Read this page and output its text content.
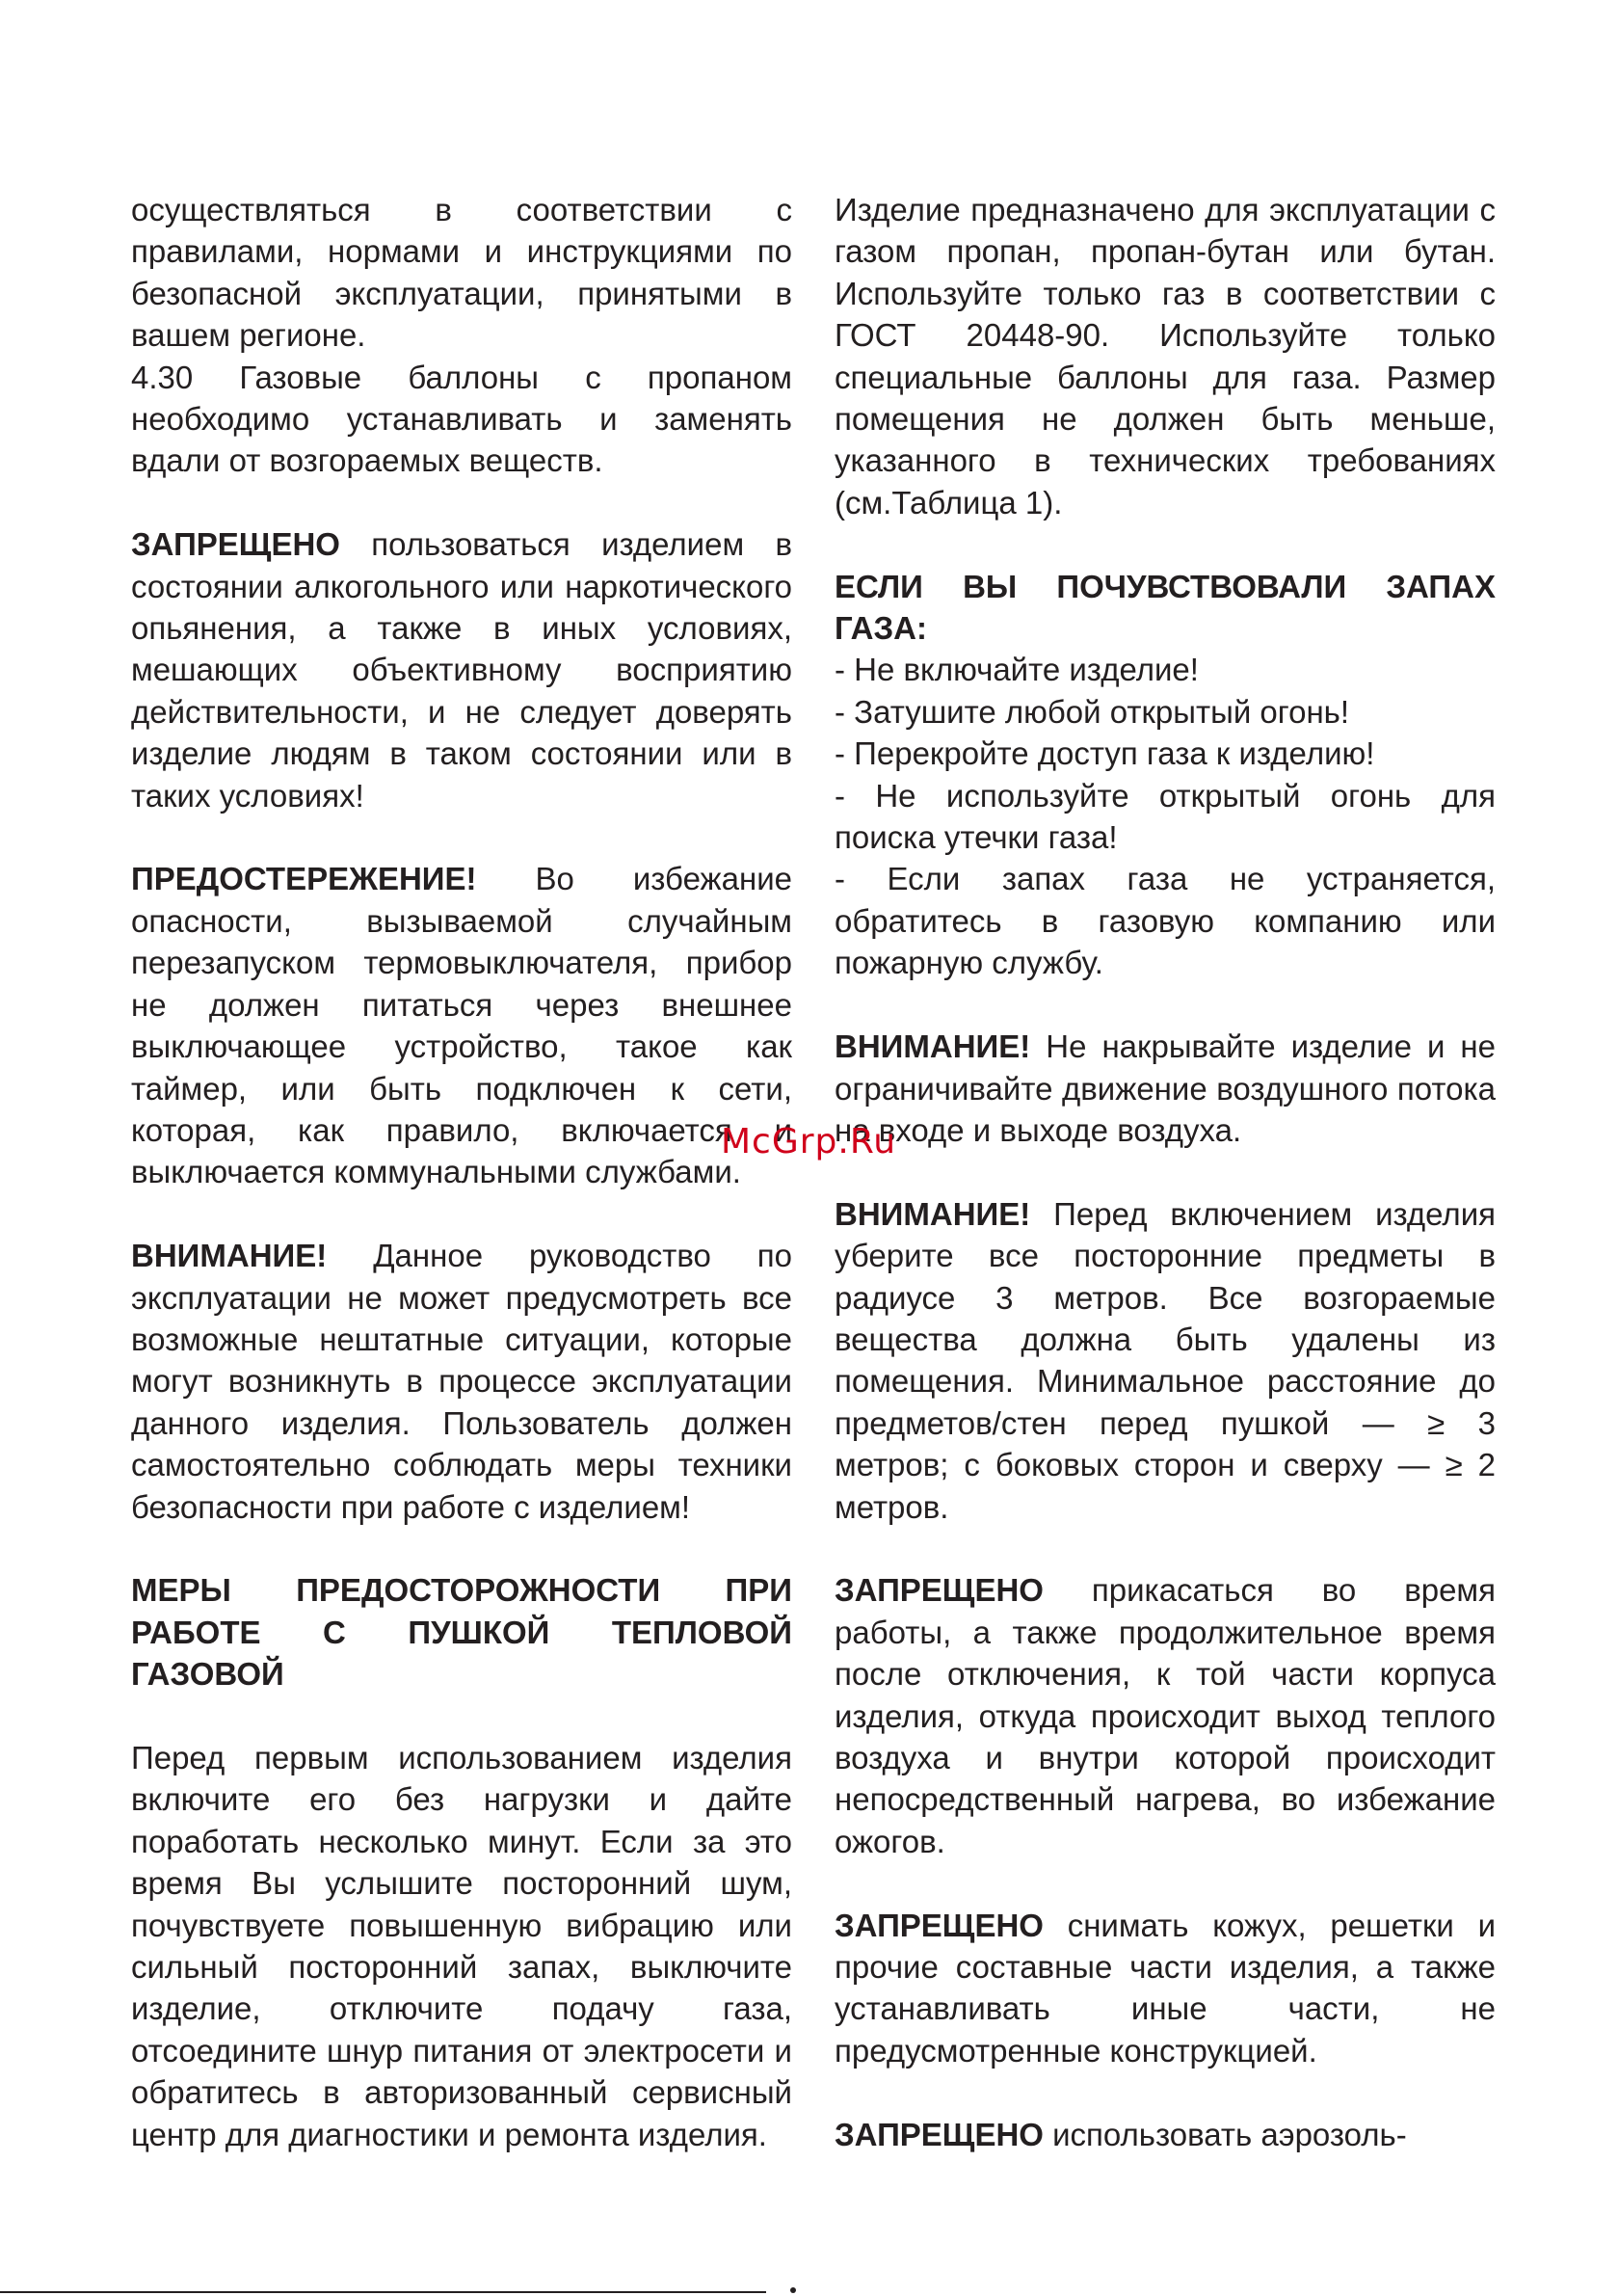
осуществляться в соответствии с правилами, нормами и инструкциями по безопасной эксплуатации, принятыми в вашем регионе.

4.30 Газовые баллоны с пропаном необходимо устанавливать и заменять вдали от возгораемых веществ.

ЗАПРЕЩЕНО пользоваться изделием в состоянии алкогольного или наркотического опьянения, а также в иных условиях, мешающих объективному восприятию действительности, и не следует доверять изделие людям в таком состоянии или в таких условиях!

ПРЕДОСТЕРЕЖЕНИЕ! Во избежание опасности, вызываемой случайным перезапуском термовыключателя, прибор не должен питаться через внешнее выключающее устройство, такое как таймер, или быть подключен к сети, которая, как правило, включается и выключается коммунальными службами.

ВНИМАНИЕ! Данное руководство по эксплуатации не может предусмотреть все возможные нештатные ситуации, которые могут возникнуть в процессе эксплуатации данного изделия. Пользователь должен самостоятельно соблюдать меры техники безопасности при работе с изделием!

МЕРЫ ПРЕДОСТОРОЖНОСТИ ПРИ РАБОТЕ С ПУШКОЙ ТЕПЛОВОЙ ГАЗОВОЙ

Перед первым использованием изделия включите его без нагрузки и дайте поработать несколько минут. Если за это время Вы услышите посторонний шум, почувствуете повышенную вибрацию или сильный посторонний запах, выключите изделие, отключите подачу газа, отсоедините шнур питания от электросети и обратитесь в авторизованный сервисный центр для диагностики и ремонта изделия.

Изделие предназначено для эксплуатации с газом пропан, пропан-бутан или бутан. Используйте только газ в соответствии с ГОСТ 20448-90. Используйте только специальные баллоны для газа. Размер помещения не должен быть меньше, указанного в технических требованиях (см.Таблица 1).

ЕСЛИ ВЫ ПОЧУВСТВОВАЛИ ЗАПАХ ГАЗА:

- Не включайте изделие!

- Затушите любой открытый огонь!

- Перекройте доступ газа к изделию!

- Не используйте открытый огонь для поиска утечки газа!

- Если запах газа не устраняется, обратитесь в газовую компанию или пожарную службу.

ВНИМАНИЕ! Не накрывайте изделие и не ограничивайте движение воздушного потока на входе и выходе воздуха.

ВНИМАНИЕ! Перед включением изделия уберите все посторонние предметы в радиусе 3 метров. Все возгораемые вещества должна быть удалены из помещения. Минимальное расстояние до предметов/стен перед пушкой — ≥ 3 метров; с боковых сторон и сверху — ≥ 2 метров.

ЗАПРЕЩЕНО прикасаться во время работы, а также продолжительное время после отключения, к той части корпуса изделия, откуда происходит выход теплого воздуха и внутри которой происходит непосредственный нагрева, во избежание ожогов.

ЗАПРЕЩЕНО снимать кожух, решетки и прочие составные части изделия, а также устанавливать иные части, не предусмотренные конструкцией.

ЗАПРЕЩЕНО использовать аэрозоль-

McGrp.Ru
